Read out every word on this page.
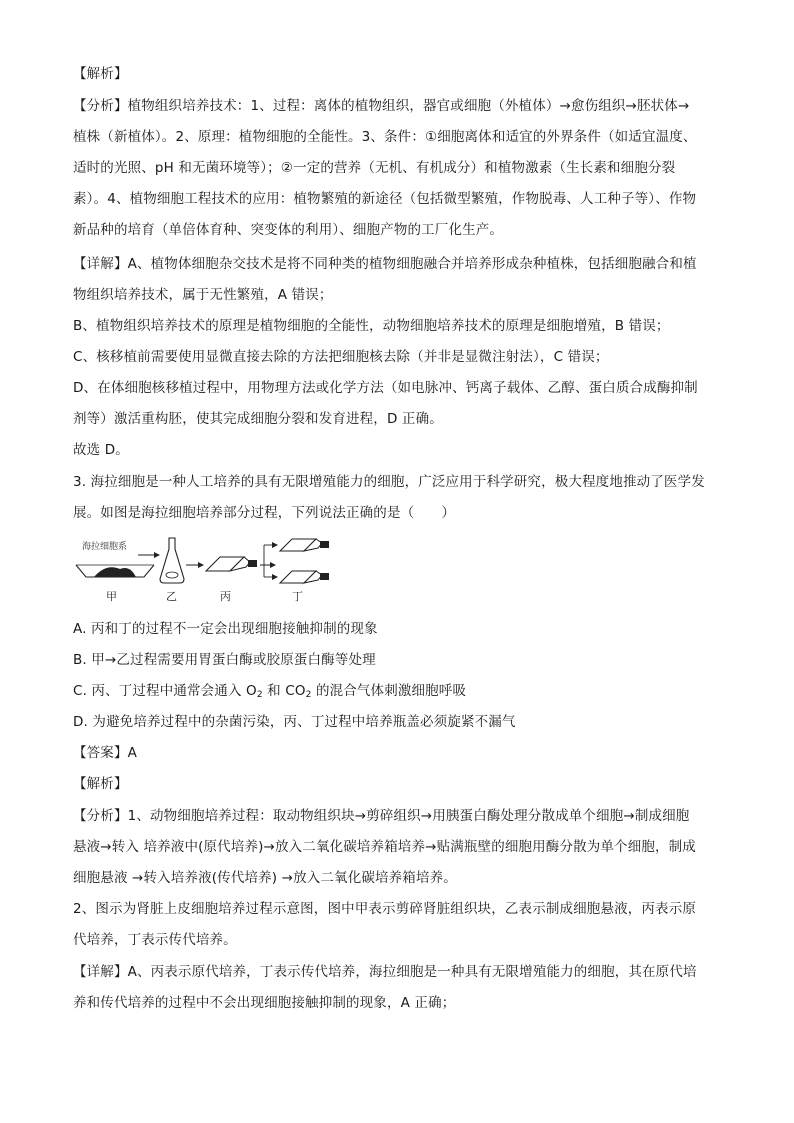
【解析】
【分析】植物组织培养技术：1、过程：离体的植物组织，器官或细胞（外植体）→愈伤组织→胚状体→
植株（新植体）。2、原理：植物细胞的全能性。3、条件：①细胞离体和适宜的外界条件（如适宜温度、
适时的光照、pH 和无菌环境等）；②一定的营养（无机、有机成分）和植物激素（生长素和细胞分裂
素）。4、植物细胞工程技术的应用：植物繁殖的新途径（包括微型繁殖，作物脱毒、人工种子等）、作物
新品种的培育（单倍体育种、突变体的利用）、细胞产物的工厂化生产。
【详解】A、植物体细胞杂交技术是将不同种类的植物细胞融合并培养形成杂种植株，包括细胞融合和植
物组织培养技术，属于无性繁殖，A 错误；
B、植物组织培养技术的原理是植物细胞的全能性，动物细胞培养技术的原理是细胞增殖，B 错误；
C、核移植前需要使用显微直接去除的方法把细胞核去除（并非是显微注射法），C 错误；
D、在体细胞核移植过程中，用物理方法或化学方法（如电脉冲、钙离子载体、乙醇、蛋白质合成酶抑制
剂等）激活重构胚，使其完成细胞分裂和发育进程，D 正确。
故选 D。
3. 海拉细胞是一种人工培养的具有无限增殖能力的细胞，广泛应用于科学研究，极大程度地推动了医学发
展。如图是海拉细胞培养部分过程，下列说法正确的是（　　）
海拉细胞系
甲	乙	丙	丁
A. 丙和丁的过程不一定会出现细胞接触抑制的现象
B. 甲→乙过程需要用胃蛋白酶或胶原蛋白酶等处理
C. 丙、丁过程中通常会通入 $O_2$ 和 $CO_2$ 的混合气体刺激细胞呼吸
D. 为避免培养过程中的杂菌污染，丙、丁过程中培养瓶盖必须旋紧不漏气
【答案】A
【解析】
【分析】1、动物细胞培养过程：取动物组织块→剪碎组织→用胰蛋白酶处理分散成单个细胞→制成细胞
悬液→转入 培养液中(原代培养)→放入二氧化碳培养箱培养→贴满瓶壁的细胞用酶分散为单个细胞，制成
细胞悬液 →转入培养液(传代培养) →放入二氧化碳培养箱培养。
2、图示为肾脏上皮细胞培养过程示意图，图中甲表示剪碎肾脏组织块，乙表示制成细胞悬液，丙表示原
代培养，丁表示传代培养。
【详解】A、丙表示原代培养，丁表示传代培养，海拉细胞是一种具有无限增殖能力的细胞，其在原代培
养和传代培养的过程中不会出现细胞接触抑制的现象，A 正确；
